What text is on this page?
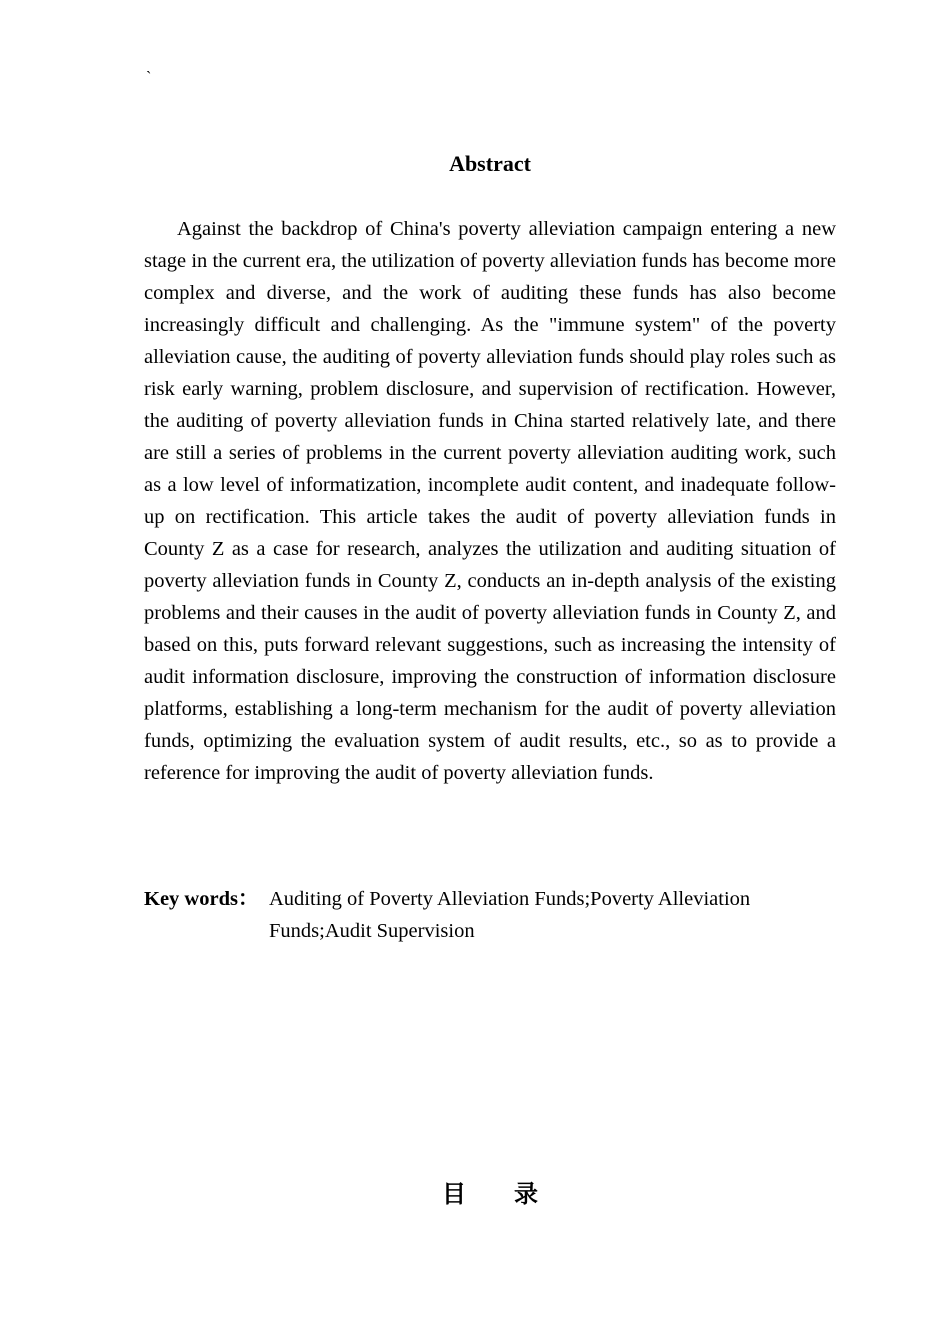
`
Abstract

Against the backdrop of China's poverty alleviation campaign entering a new stage in the current era, the utilization of poverty alleviation funds has become more complex and diverse, and the work of auditing these funds has also become increasingly difficult and challenging. As the "immune system" of the poverty alleviation cause, the auditing of poverty alleviation funds should play roles such as risk early warning, problem disclosure, and supervision of rectification. However, the auditing of poverty alleviation funds in China started relatively late, and there are still a series of problems in the current poverty alleviation auditing work, such as a low level of informatization, incomplete audit content, and inadequate follow-up on rectification. This article takes the audit of poverty alleviation funds in County Z as a case for research, analyzes the utilization and auditing situation of poverty alleviation funds in County Z, conducts an in-depth analysis of the existing problems and their causes in the audit of poverty alleviation funds in County Z, and based on this, puts forward relevant suggestions, such as increasing the intensity of audit information disclosure, improving the construction of information disclosure platforms, establishing a long-term mechanism for the audit of poverty alleviation funds, optimizing the evaluation system of audit results, etc., so as to provide a reference for improving the audit of poverty alleviation funds.

Key words： Auditing of Poverty Alleviation Funds;Poverty Alleviation Funds;Audit Supervision

目录
